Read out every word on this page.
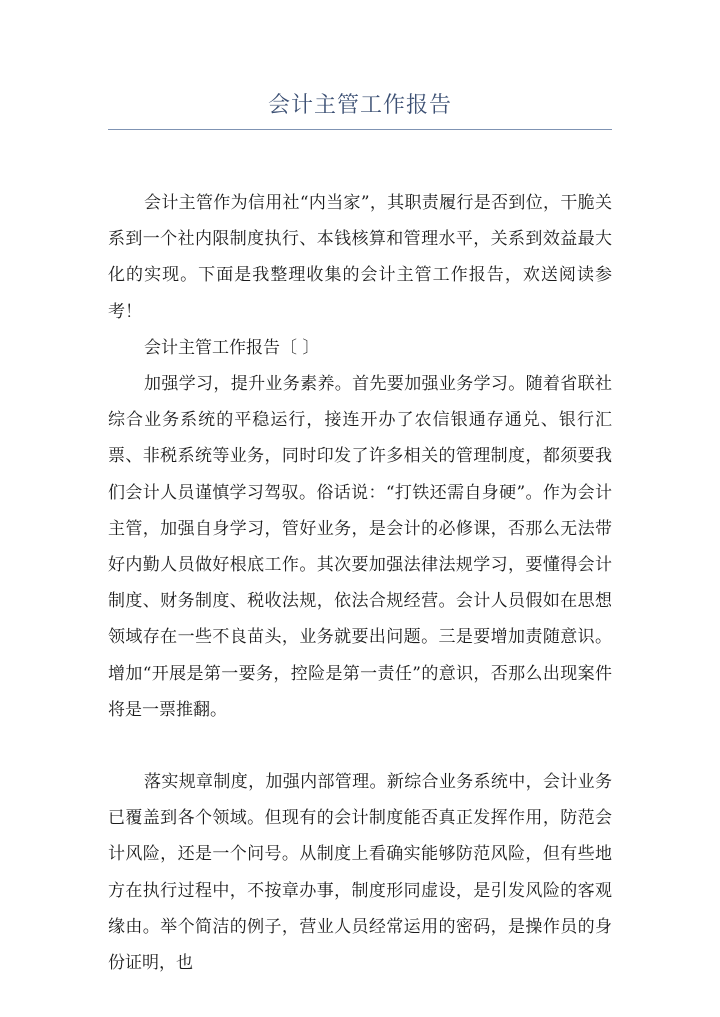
会计主管工作报告

会计主管作为信用社“内当家”，其职责履行是否到位，干脆关系到一个社内限制度执行、本钱核算和管理水平，关系到效益最大化的实现。下面是我整理收集的会计主管工作报告，欢送阅读参考！

会计主管工作报告〔 〕

加强学习，提升业务素养。首先要加强业务学习。随着省联社综合业务系统的平稳运行，接连开办了农信银通存通兑、银行汇票、非税系统等业务，同时印发了许多相关的管理制度，都须要我们会计人员谨慎学习驾驭。俗话说：“打铁还需自身硬”。作为会计主管，加强自身学习，管好业务，是会计的必修课，否那么无法带好内勤人员做好根底工作。其次要加强法律法规学习，要懂得会计制度、财务制度、税收法规，依法合规经营。会计人员假如在思想领域存在一些不良苗头，业务就要出问题。三是要增加责随意识。增加“开展是第一要务，控险是第一责任”的意识，否那么出现案件将是一票推翻。

落实规章制度，加强内部管理。新综合业务系统中，会计业务已覆盖到各个领域。但现有的会计制度能否真正发挥作用，防范会计风险，还是一个问号。从制度上看确实能够防范风险，但有些地方在执行过程中，不按章办事，制度形同虚设，是引发风险的客观缘由。举个简洁的例子，营业人员经常运用的密码，是操作员的身份证明，也
